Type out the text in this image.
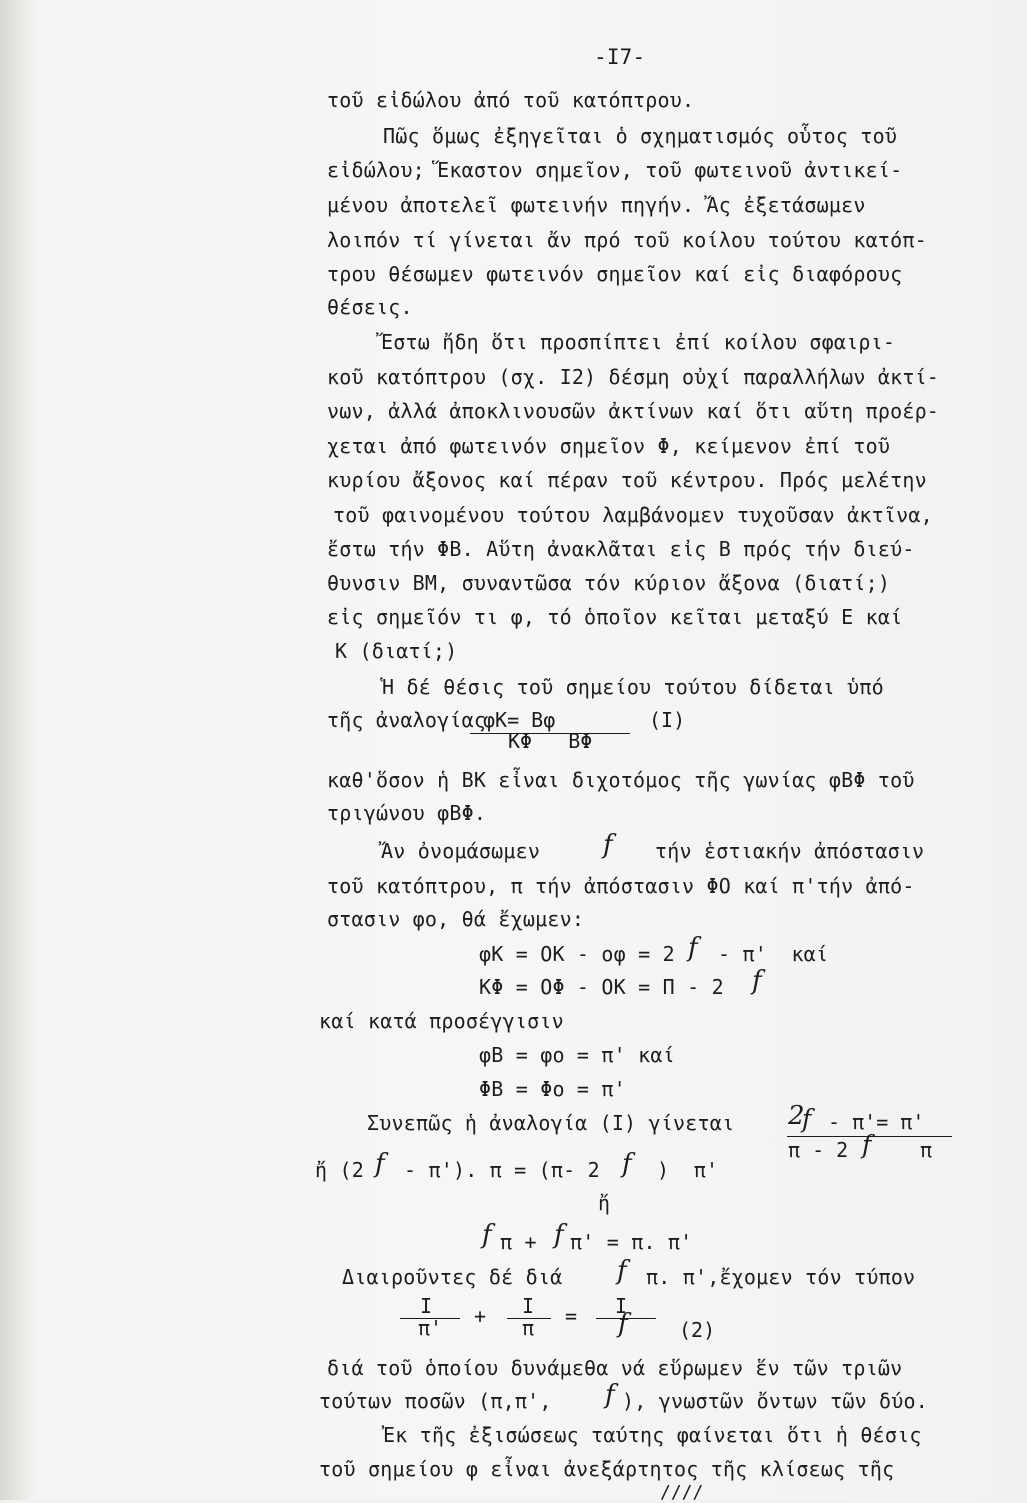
-I7-
τοῦ εἰδώλου ἀπό τοῦ κατόπτρου.
Πῶς ὅμως ἐξηγεῖται ὁ σχηματισμός οὗτος τοῦ
εἰδώλου; Ἕκαστον σημεῖον, τοῦ φωτεινοῦ ἀντικεί-
μένου ἀποτελεῖ φωτεινήν πηγήν. Ἄς ἐξετάσωμεν
λοιπόν τί γίνεται ἄν πρό τοῦ κοίλου τούτου κατόπ-
τρου θέσωμεν φωτεινόν σημεῖον καί εἰς διαφόρους
θέσεις.
Ἔστω ἤδη ὅτι προσπίπτει ἐπί κοίλου σφαιρι-
κοῦ κατόπτρου (σχ. I2) δέσμη οὐχί παραλλήλων ἀκτί-
νων, ἀλλά ἀποκλινουσῶν ἀκτίνων καί ὅτι αὕτη προέρ-
χεται ἀπό φωτεινόν σημεῖον Φ, κείμενον ἐπί τοῦ
κυρίου ἄξονος καί πέραν τοῦ κέντρου. Πρός μελέτην
τοῦ φαινομένου τούτου λαμβάνομεν τυχοῦσαν ἀκτῖνα,
ἔστω τήν ΦΒ. Αὕτη ἀνακλᾶται εἰς Β πρός τήν διεύ-
θυνσιν ΒΜ, συναντῶσα τόν κύριον ἄξονα (διατί;)
εἰς σημεῖόν τι φ, τό ὁποῖον κεῖται μεταξύ Ε καί
Κ (διατί;)
Ἡ δέ θέσις τοῦ σημείου τούτου δίδεται ὑπό
τῆς ἀναλογίας
φΚ= Βφ
ΚΦ   ΒΦ
(Ι)
καθ'ὅσον ἡ ΒΚ εἶναι διχοτόμος τῆς γωνίας φΒΦ τοῦ
τριγώνου φΒΦ.
Ἄν ὀνομάσωμεν f τήν ἑστιακήν ἀπόστασιν
τοῦ κατόπτρου, π τήν ἀπόστασιν ΦΟ καί π'τήν ἀπό-
στασιν φο, θά ἔχωμεν:
φΚ = ΟΚ - οφ = 2 f - π'  καί
ΚΦ = ΟΦ - ΟΚ = Π - 2 f
καί κατά προσέγγισιν
φΒ = φο = π' καί
ΦΒ = Φο = π'
Συνεπῶς ἡ ἀναλογία (Ι) γίνεται 2
f - π'= π'
π - 2 f π
ἤ (2 f - π'). π = (π- 2 f )  π'
ἤ
f π + f π' = π. π'
Διαιροῦντες δέ διά f π. π',ἔχομεν τόν τύπον
I
π' + I
π = I
f	(2)
διά τοῦ ὁποίου δυνάμεθα νά εὕρωμεν ἕν τῶν τριῶν
τούτων ποσῶν (π,π', f ), γνωστῶν ὄντων τῶν δύο.
Ἐκ τῆς ἐξισώσεως ταύτης φαίνεται ὅτι ἡ θέσις
τοῦ σημείου φ εἶναι ἀνεξάρτητος τῆς κλίσεως τῆς
////
